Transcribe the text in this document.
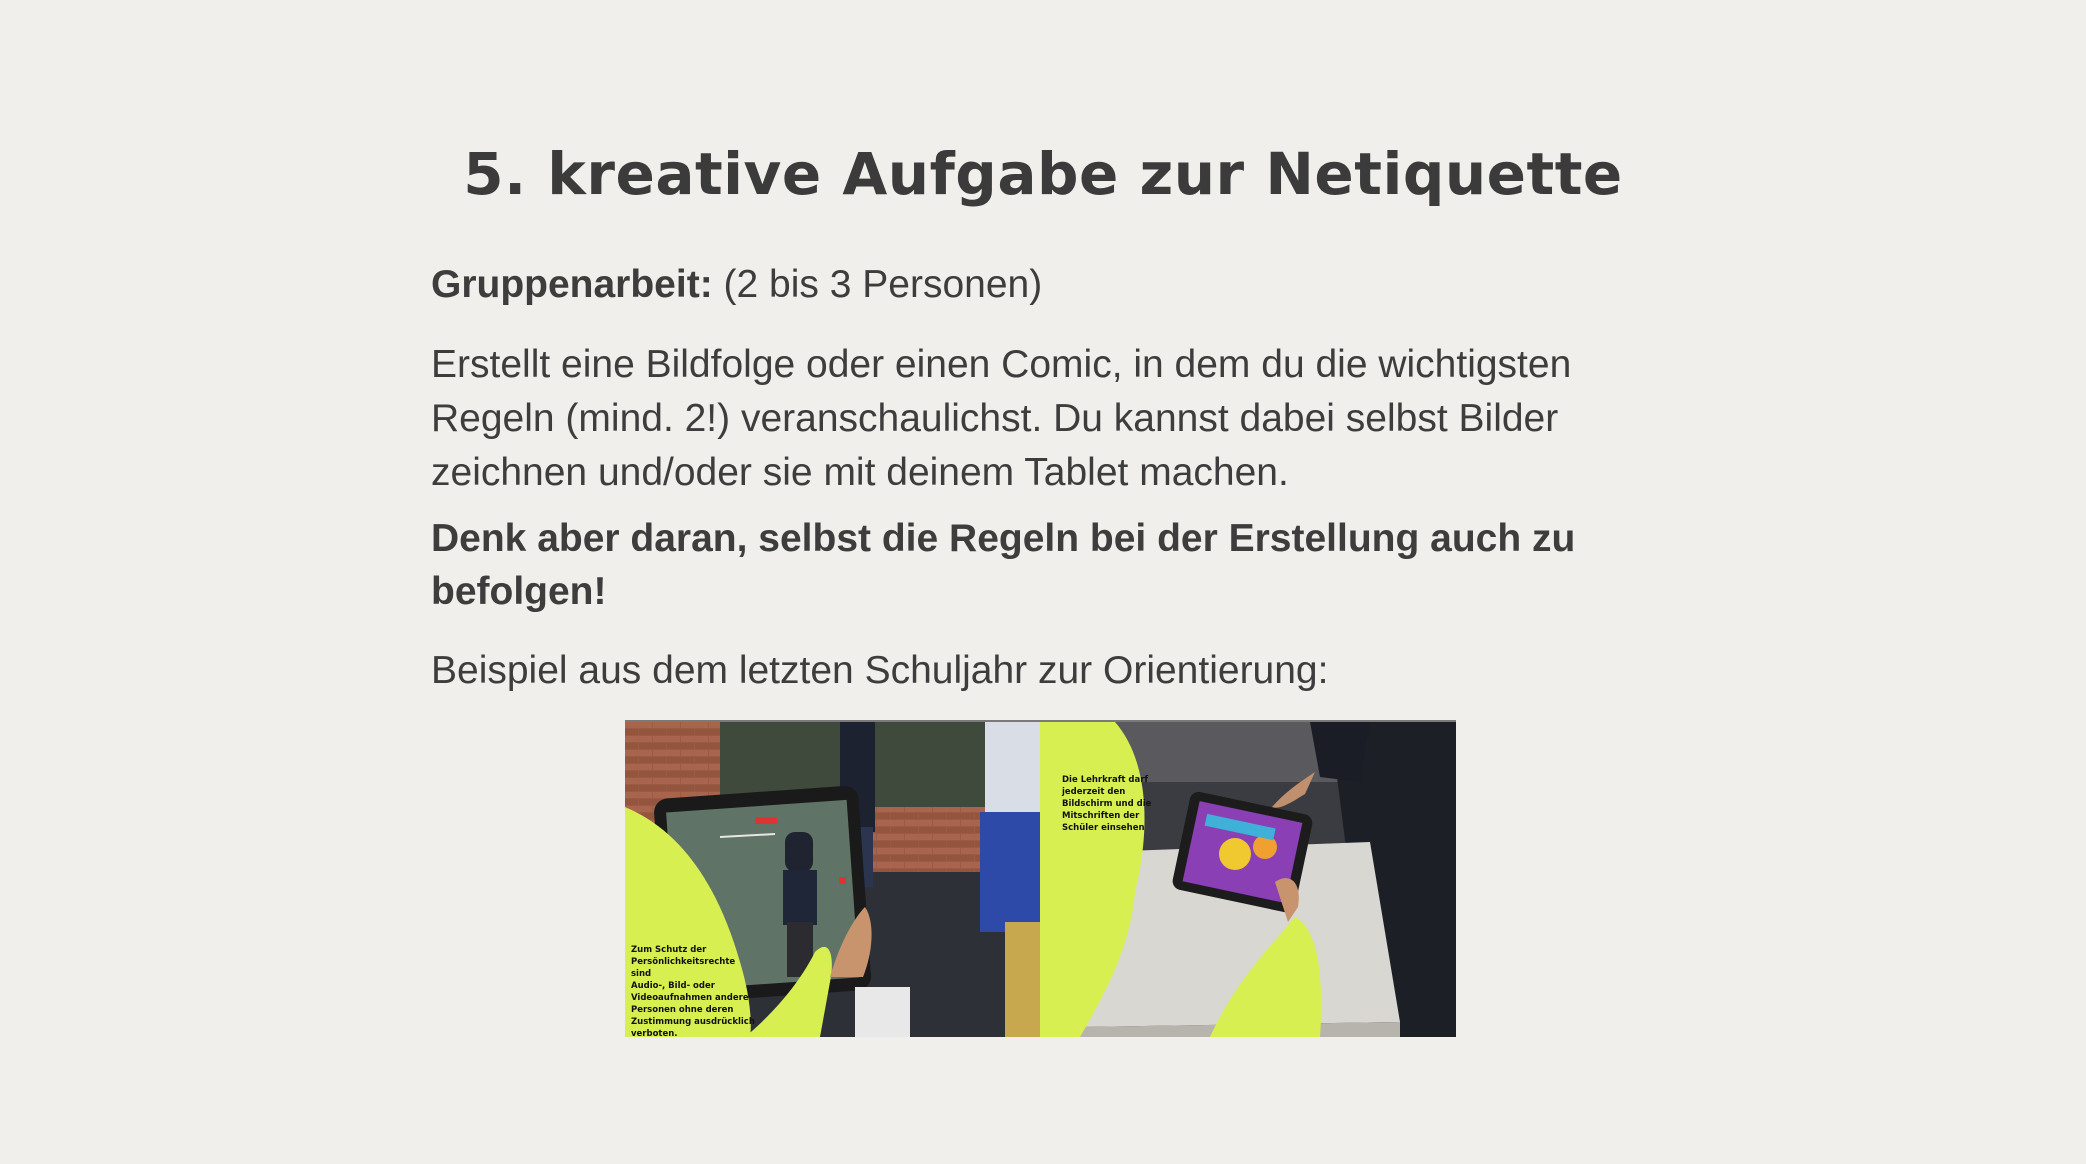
5. kreative Aufgabe zur Netiquette

Gruppenarbeit: (2 bis 3 Personen)

Erstellt eine Bildfolge oder einen Comic, in dem du die wichtigsten Regeln (mind. 2!) veranschaulichst. Du kannst dabei selbst Bilder zeichnen und/oder sie mit deinem Tablet machen.

Denk aber daran, selbst die Regeln bei der Erstellung auch zu befolgen!

Beispiel aus dem letzten Schuljahr zur Orientierung:

Zum Schutz der
Persönlichkeitsrechte sind
Audio-, Bild- oder
Videoaufnahmen andere
Personen ohne deren
Zustimmung ausdrücklich
verboten.
Die Lehrkraft darf
jederzeit den
Bildschirm und die
Mitschriften der
Schüler einsehen
